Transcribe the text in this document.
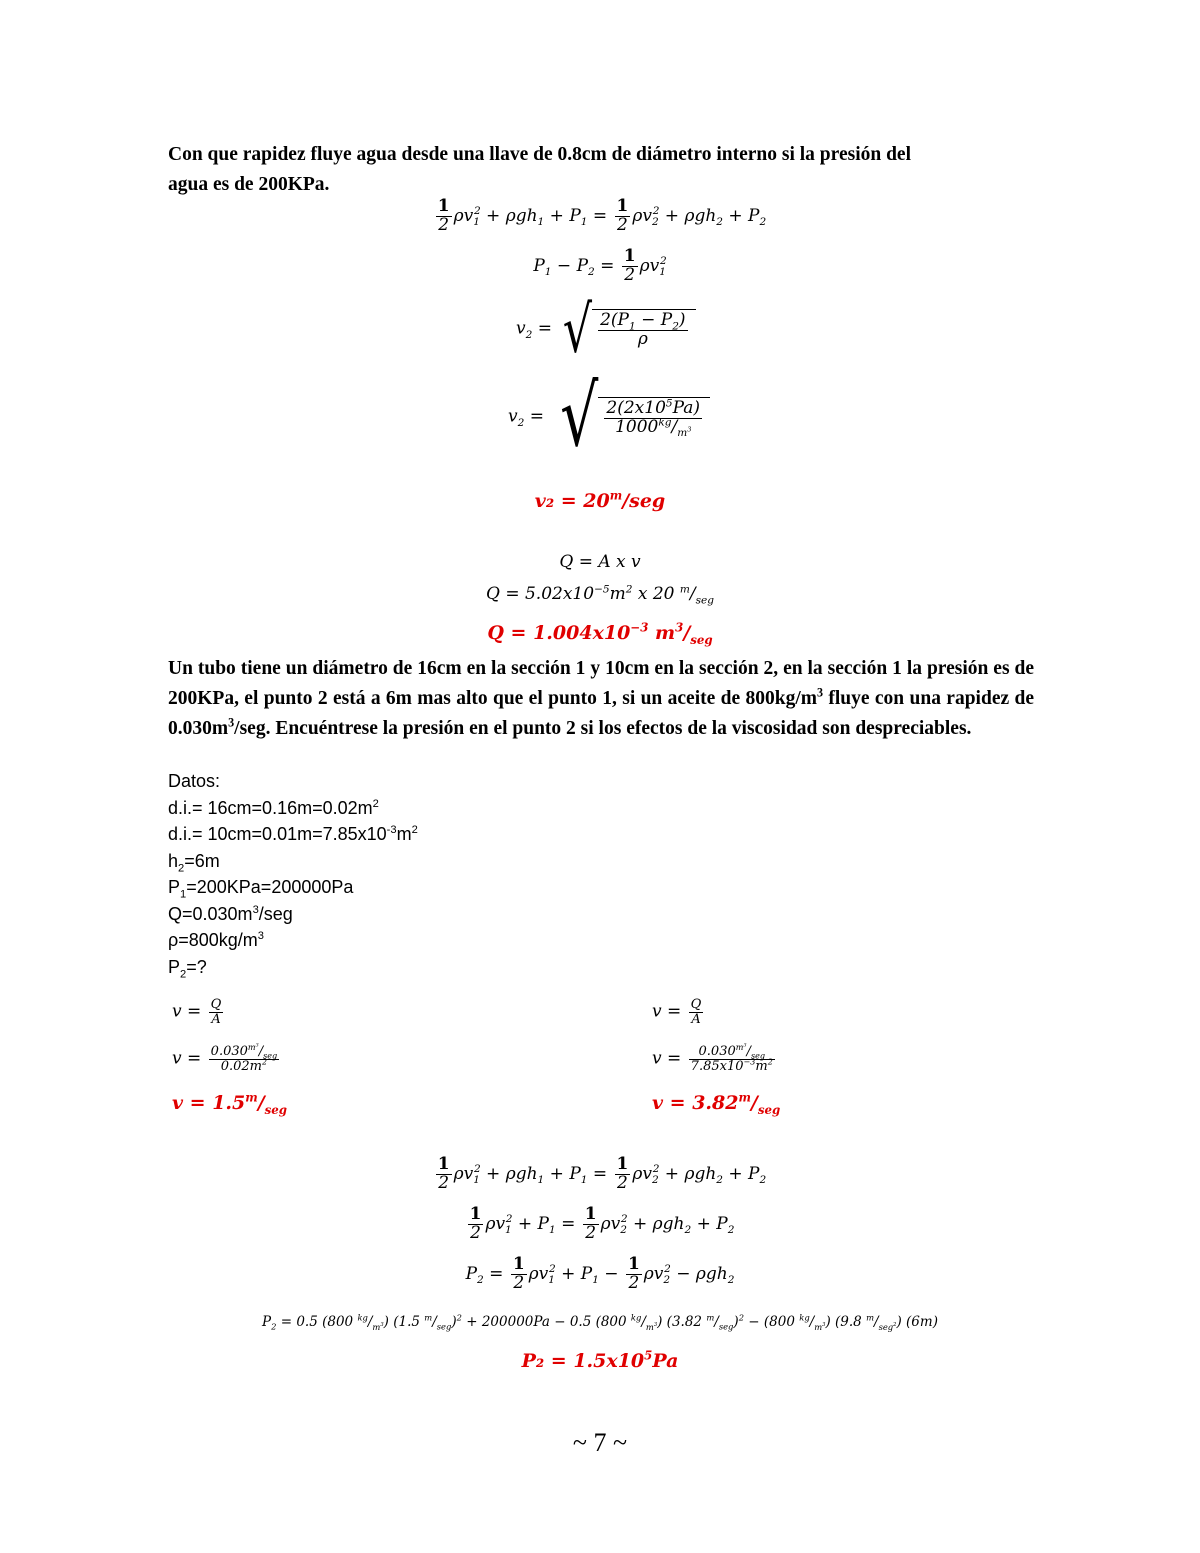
Con que rapidez fluye agua desde una llave de 0.8cm de diámetro interno si la presión del
agua es de 200KPa.
$\frac{1}{2} \rho v_1^2 + \rho gh_1 + P_1 = \frac{1}{2} \rho v_2^2 + \rho gh_2 + P_2$
$P_1 - P_2 = \frac{1}{2} \rho v_1^2$
$v_2$ =  √ $\frac{2(P_1 - P_2)}{\rho}$
$v_2$ =   √ $\frac{2(2x10^5Pa)}{1000^{kg}/_{m^3}}$
$v_2 = 20^m$/seg
Q = A x v
$Q = 5.02x10^{-5}m^2$ x 20 $^m/_{seg}$
$Q = 1.004x10^{-3}$ $m^3/_{seg}$
Un tubo tiene un diámetro de 16cm en la sección 1 y 10cm en la sección 2, en la sección 1 la presión es de 200KPa, el punto 2 está a 6m mas alto que el punto 1, si un aceite de $800kg/m^3$ fluye con una rapidez de $0.030m^3$/seg. Encuéntrese la presión en el punto 2 si los efectos de la viscosidad son despreciables.
Datos:
$d.i.= 16cm=0.16m=0.02m^2$
$d.i.= 10cm=0.01m=7.85x10^{-3}m^2$
$h_2=6m$
$P_1=200KPa=200000Pa$
$Q=0.030m^3$/seg
$\rho=800kg/m^3$
$P_2=$?
$v = \frac{Q}{A}$
$v = \frac{0.030^{m^3}/_{seg}}{0.02m^2}$
$v = 1.5^m/_{seg}$
$v = \frac{Q}{A}$
$v = \frac{0.030^{m^3}/_{seg}}{7.85x10^{-3}m^2}$
$v = 3.82^m/_{seg}$
$\frac{1}{2} \rho v_1^2 + \rho gh_1 + P_1 = \frac{1}{2} \rho v_2^2 + \rho gh_2 + P_2$
$\frac{1}{2} \rho v_1^2 + P_1 = \frac{1}{2} \rho v_2^2 + \rho gh_2 + P_2$
$P_2 = \frac{1}{2} \rho v_1^2 + P_1 - \frac{1}{2} \rho v_2^2 - \rho gh_2$
$P_2 = 0.5$ (800 $^{kg}/_{m^3}$) (1.5 $^m/_{seg})^2 + 200000Pa - 0.5$ (800 $^{kg}/_{m^3}$) (3.82 $^m/_{seg})^2 - (800$ $^{kg}/_{m^3}$) (9.8 $^m/_{seg^2}$) (6m)
$P_2 = 1.5x10^5Pa$
~ 7 ~
